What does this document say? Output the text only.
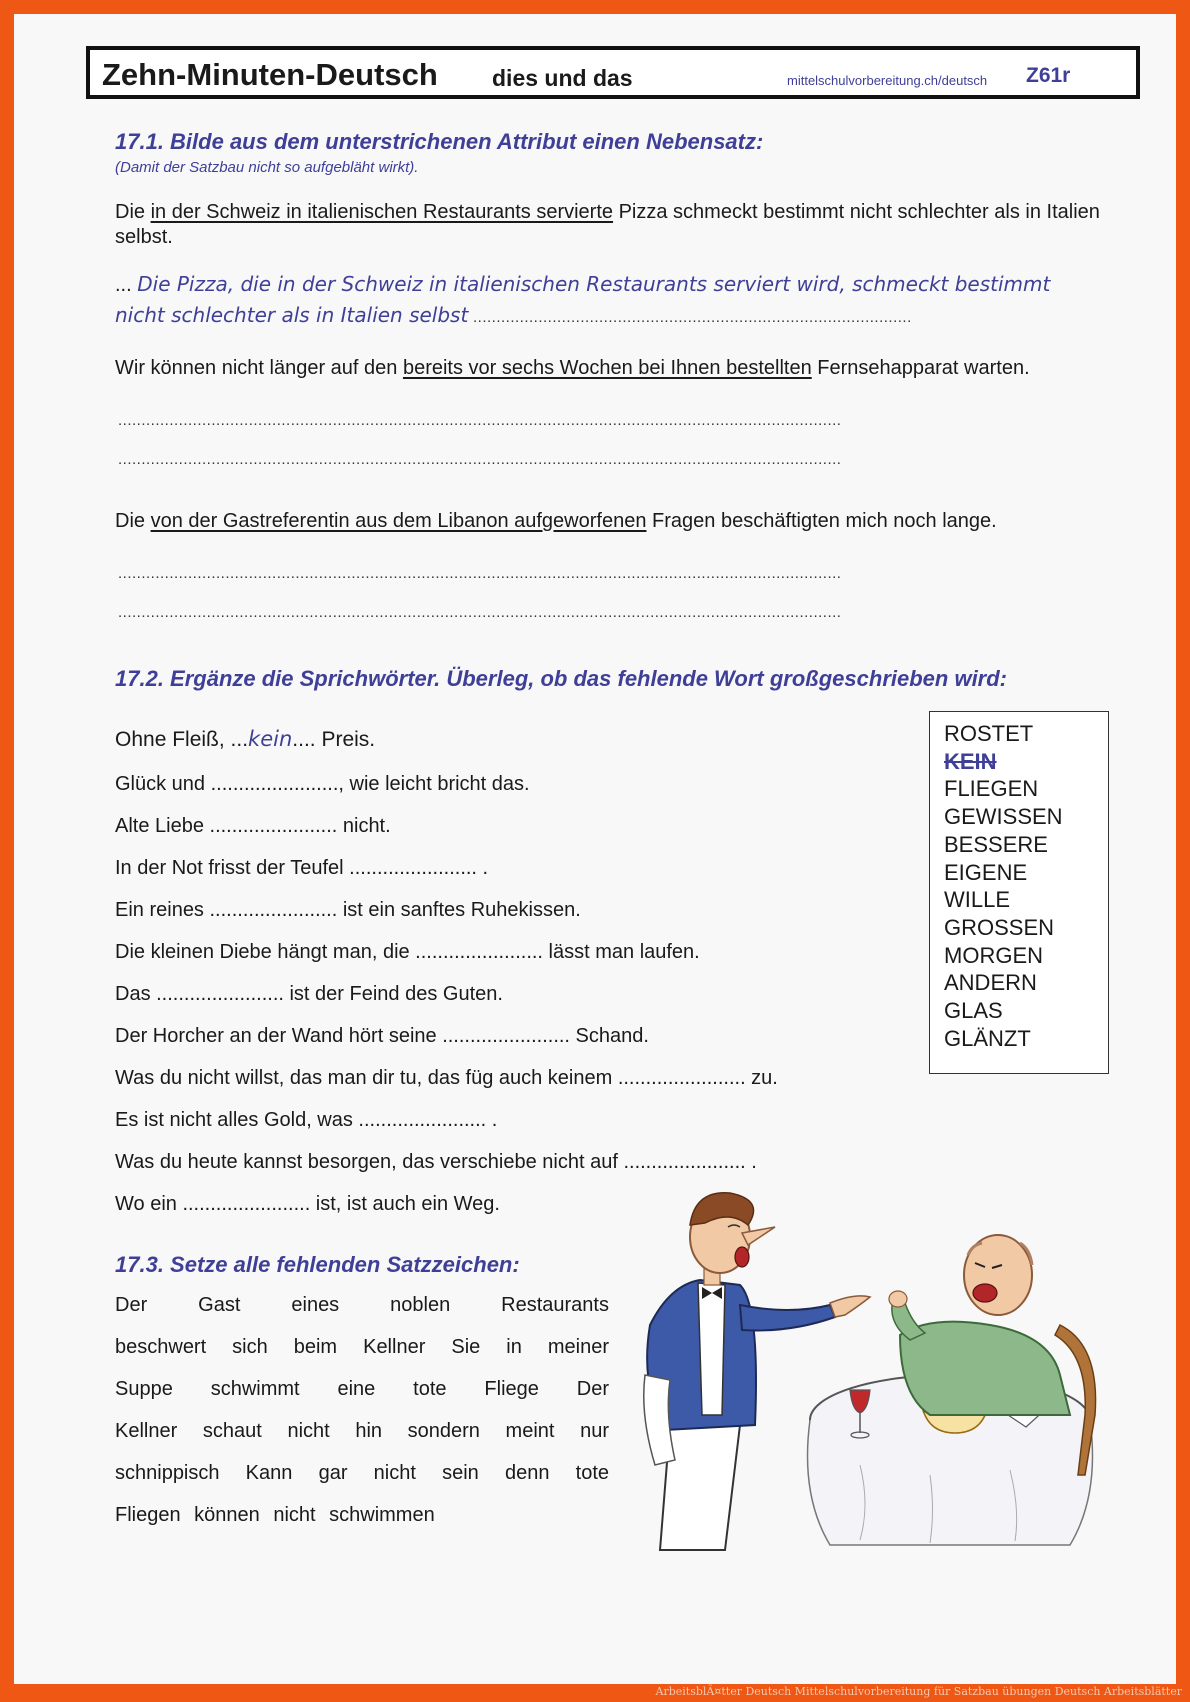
Zehn-Minuten-Deutsch dies und das	mittelschulvorbereitung.ch/deutsch Z61r
17.1. Bilde aus dem unterstrichenen Attribut einen Nebensatz:
(Damit der Satzbau nicht so aufgebläht wirkt).
Die in der Schweiz in italienischen Restaurants servierte Pizza schmeckt bestimmt nicht schlechter als in Italien selbst.
... Die Pizza, die in der Schweiz in italienischen Restaurants serviert wird, schmeckt bestimmt
nicht schlechter als in Italien selbst ..............................................................................................
Wir können nicht länger auf den bereits vor sechs Wochen bei Ihnen bestellten Fernsehapparat warten.
...........................................................................................................................................................
...........................................................................................................................................................
Die von der Gastreferentin aus dem Libanon aufgeworfenen Fragen beschäftigten mich noch lange.
...........................................................................................................................................................
...........................................................................................................................................................
17.2. Ergänze die Sprichwörter. Überleg, ob das fehlende Wort großgeschrieben wird:
Ohne Fleiß, ...kein.... Preis.
Glück und ......................., wie leicht bricht das.
Alte Liebe ....................... nicht.
In der Not frisst der Teufel ....................... .
Ein reines ....................... ist ein sanftes Ruhekissen.
Die kleinen Diebe hängt man, die ....................... lässt man laufen.
Das ....................... ist der Feind des Guten.
Der Horcher an der Wand hört seine ....................... Schand.
Was du nicht willst, das man dir tu, das füg auch keinem ....................... zu.
Es ist nicht alles Gold, was ....................... .
Was du heute kannst besorgen, das verschiebe nicht auf ...................... .
Wo ein ....................... ist, ist auch ein Weg.
ROSTET
KEIN
FLIEGEN
GEWISSEN
BESSERE
EIGENE
WILLE
GROSSEN
MORGEN
ANDERN
GLAS
GLÄNZT
17.3. Setze alle fehlenden Satzzeichen:
Der Gast eines noblen Restaurants
beschwert sich beim Kellner Sie in meiner
Suppe schwimmt eine tote Fliege Der
Kellner schaut nicht hin sondern meint nur
schnippisch Kann gar nicht sein denn tote
Fliegen können nicht schwimmen
ArbeitsblÃ¤tter Deutsch Mittelschulvorbereitung für Satzbau übungen Deutsch Arbeitsblätter
